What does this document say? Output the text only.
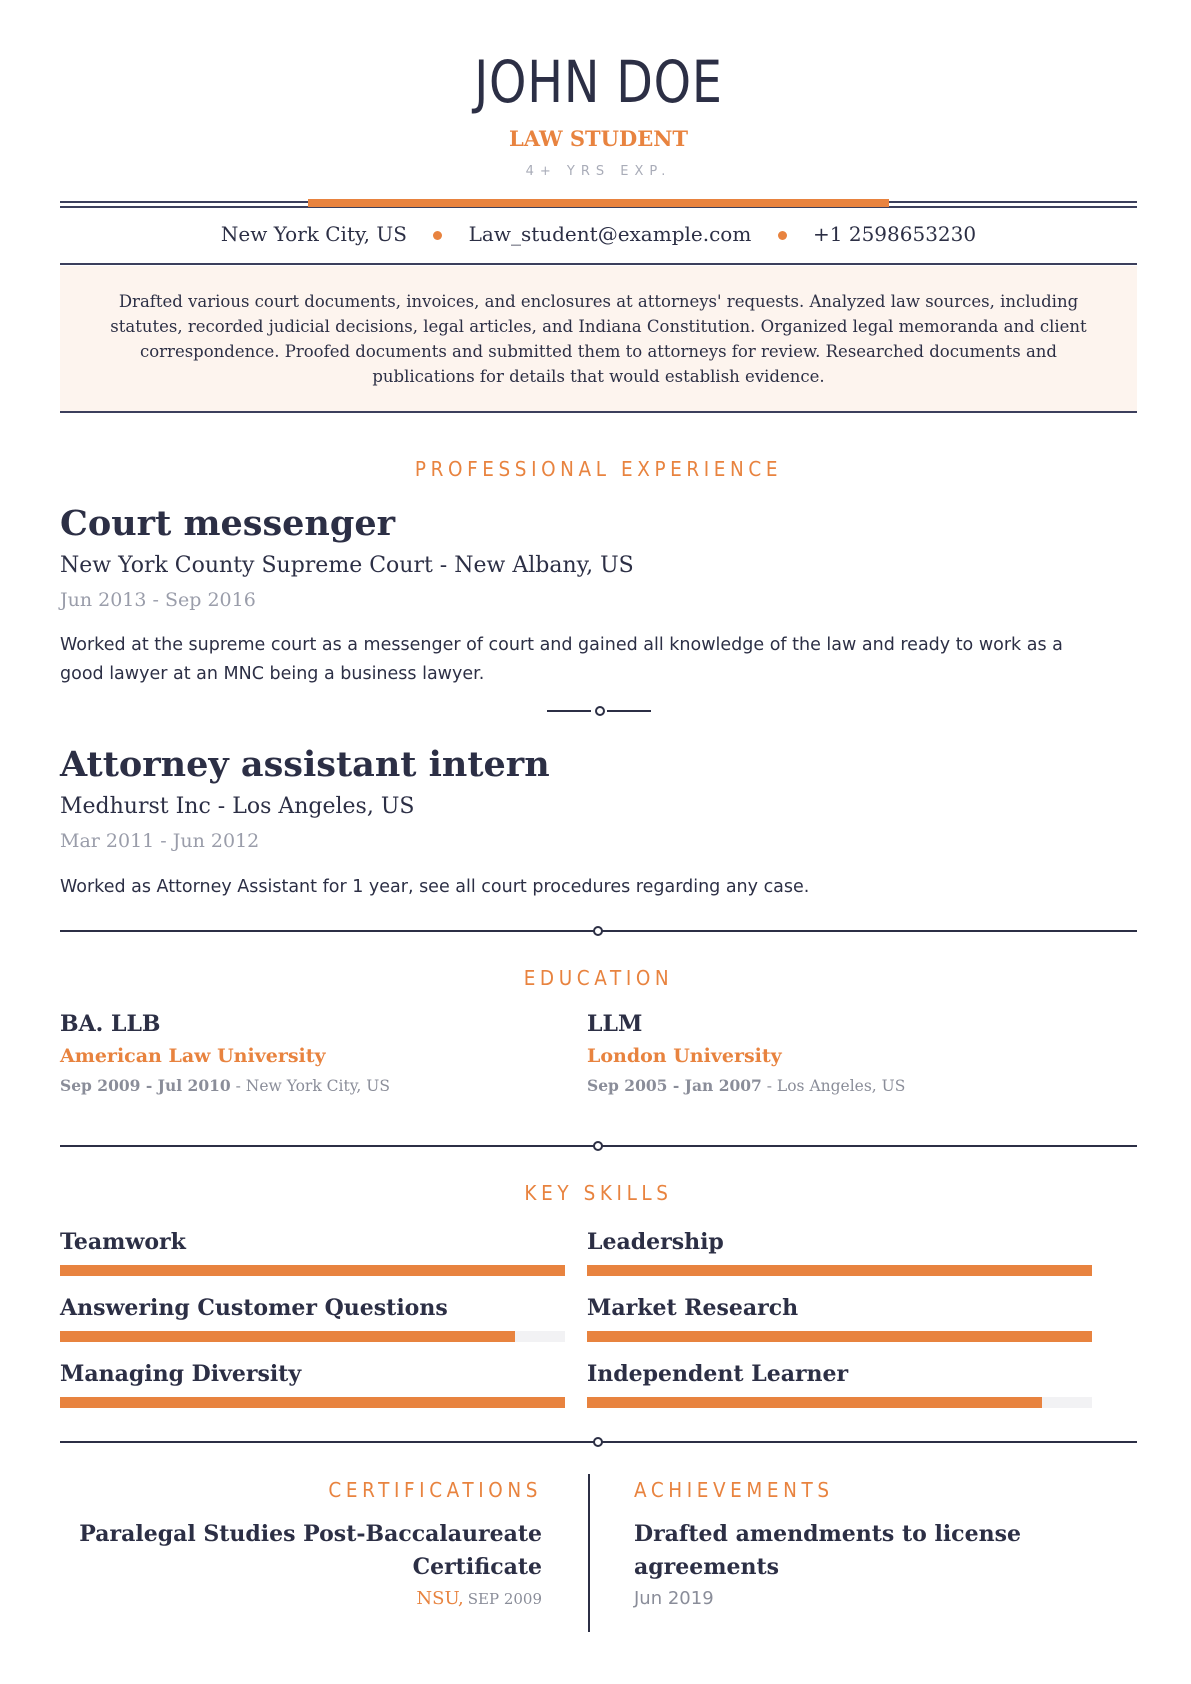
JOHN DOE
LAW STUDENT
4+ YRS EXP.
New York City, US	Law_student@example.com	+1 2598653230
Drafted various court documents, invoices, and enclosures at attorneys' requests. Analyzed law sources, including statutes, recorded judicial decisions, legal articles, and Indiana Constitution. Organized legal memoranda and client correspondence. Proofed documents and submitted them to attorneys for review. Researched documents and publications for details that would establish evidence.
PROFESSIONAL EXPERIENCE
Court messenger
New York County Supreme Court - New Albany, US
Jun 2013 - Sep 2016
Worked at the supreme court as a messenger of court and gained all knowledge of the law and ready to work as a good lawyer at an MNC being a business lawyer.
Attorney assistant intern
Medhurst Inc - Los Angeles, US
Mar 2011 - Jun 2012
Worked as Attorney Assistant for 1 year, see all court procedures regarding any case.
EDUCATION
BA. LLB
American Law University
Sep 2009 - Jul 2010 - New York City, US
LLM
London University
Sep 2005 - Jan 2007 - Los Angeles, US
KEY SKILLS
Teamwork	Leadership
Answering Customer Questions	Market Research
Managing Diversity	Independent Learner
CERTIFICATIONS	ACHIEVEMENTS
Paralegal Studies Post-Baccalaureate Certificate
NSU, SEP 2009
Drafted amendments to license agreements
Jun 2019
